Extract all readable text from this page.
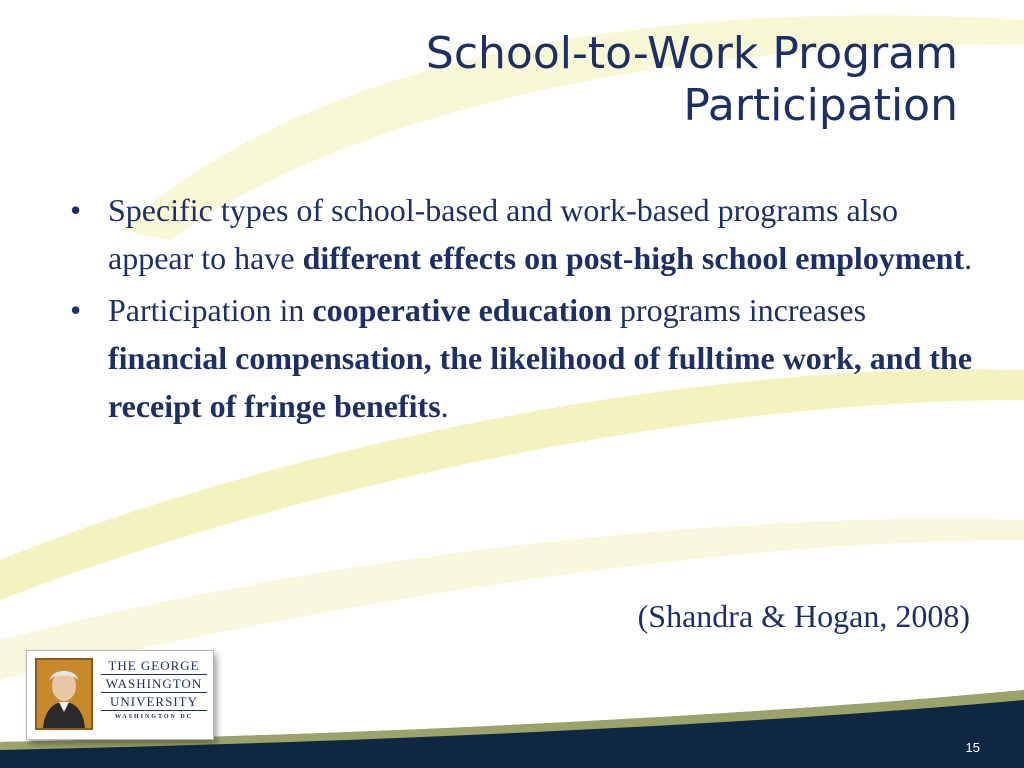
School-to-Work Program
Participation
• Specific types of school-based and work-based programs also appear to have different effects on post-high school employment.
• Participation in cooperative education programs increases financial compensation, the likelihood of fulltime work, and the receipt of fringe benefits.
(Shandra & Hogan, 2008)
THE GEORGE
WASHINGTON
UNIVERSITY
WASHINGTON DC
15
